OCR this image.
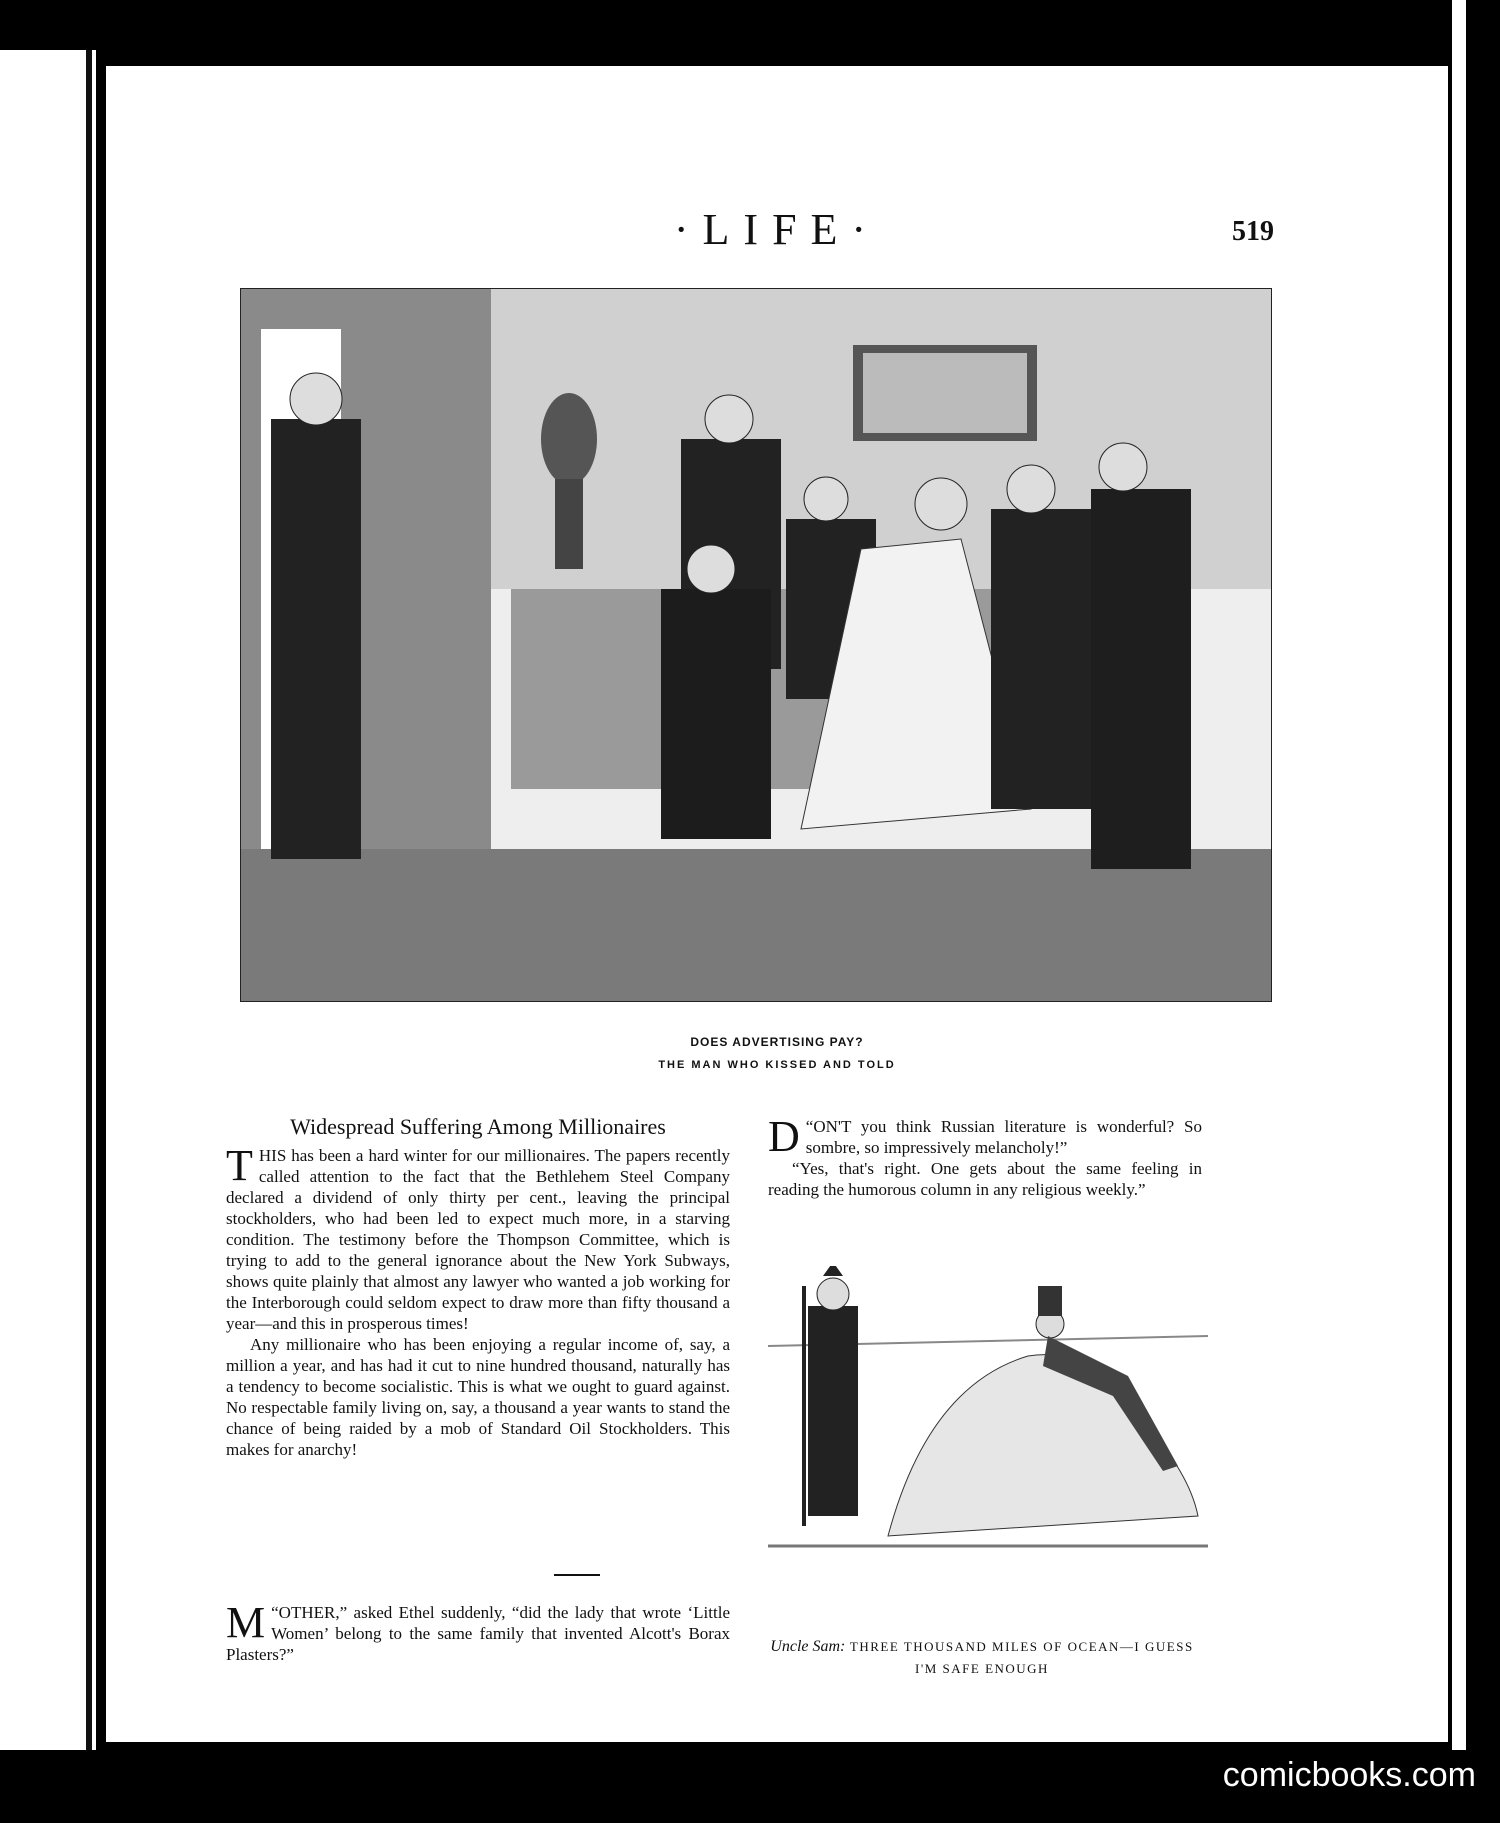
·LIFE·	519
DOES ADVERTISING PAY?
THE MAN WHO KISSED AND TOLD
Widespread Suffering Among Millionaires

THIS has been a hard winter for our millionaires. The papers recently called attention to the fact that the Bethlehem Steel Company declared a dividend of only thirty per cent., leaving the principal stockholders, who had been led to expect much more, in a starving condition. The testimony before the Thompson Committee, which is trying to add to the general ignorance about the New York Subways, shows quite plainly that almost any lawyer who wanted a job working for the Interborough could seldom expect to draw more than fifty thousand a year—and this in prosperous times!

Any millionaire who has been enjoying a regular income of, say, a million a year, and has had it cut to nine hundred thousand, naturally has a tendency to become socialistic. This is what we ought to guard against. No respectable family living on, say, a thousand a year wants to stand the chance of being raided by a mob of Standard Oil Stockholders. This makes for anarchy!

“
M OTHER,” asked Ethel suddenly, “did the lady that wrote ‘Little Women’ belong to the same family that invented Alcott's Borax Plasters?”

“
D ON'T you think Russian literature is wonderful? So sombre, so impressively melancholy!”

“Yes, that's right. One gets about the same feeling in reading the humorous column in any religious weekly.”

Uncle Sam: THREE THOUSAND MILES OF OCEAN—I GUESS
I'M SAFE ENOUGH
comicbooks.com
